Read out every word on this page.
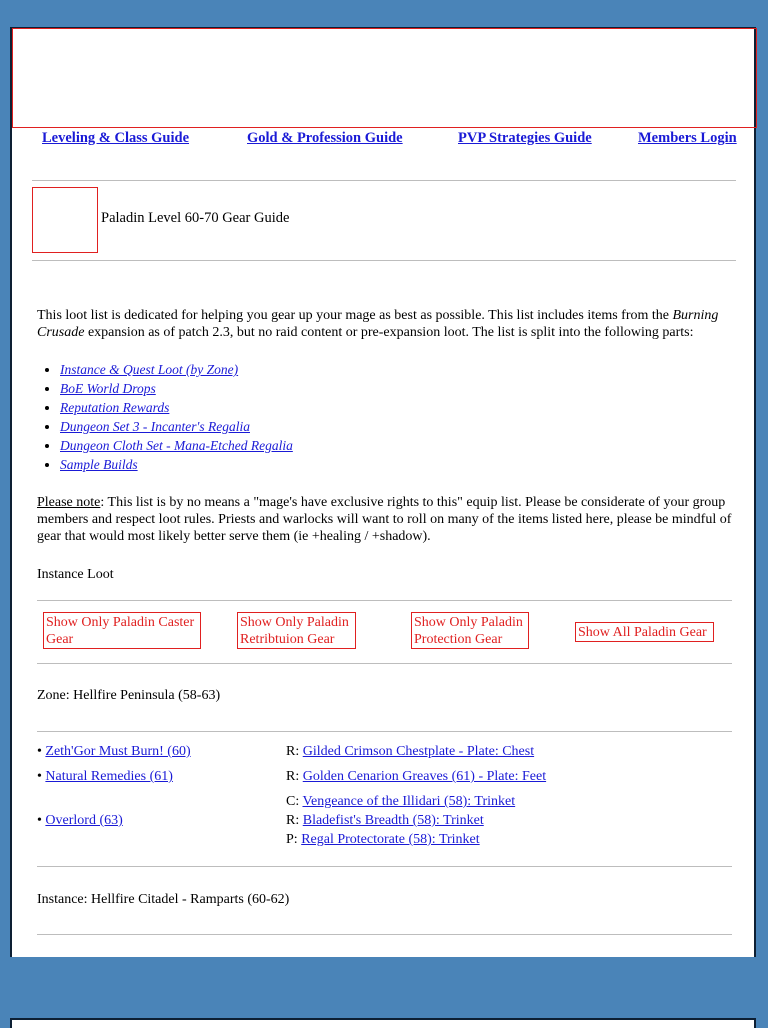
Leveling & Class Guide	Gold & Profession Guide	PVP Strategies Guide	Members Login
Paladin Level 60-70 Gear Guide
This loot list is dedicated for helping you gear up your mage as best as possible. This list includes items from the Burning Crusade expansion as of patch 2.3, but no raid content or pre-expansion loot. The list is split into the following parts:
• Instance & Quest Loot (by Zone)
• BoE World Drops
• Reputation Rewards
• Dungeon Set 3 - Incanter's Regalia
• Dungeon Cloth Set - Mana-Etched Regalia
• Sample Builds
Please note: This list is by no means a "mage's have exclusive rights to this" equip list. Please be considerate of your group members and respect loot rules. Priests and warlocks will want to roll on many of the items listed here, please be mindful of gear that would most likely better serve them (ie +healing / +shadow).
Instance Loot
Show Only Paladin Caster Gear
Show Only Paladin Retribtuion Gear
Show Only Paladin Protection Gear	Show All Paladin Gear
Zone: Hellfire Peninsula (58-63)
• Zeth'Gor Must Burn! (60)	R: Gilded Crimson Chestplate - Plate: Chest
• Natural Remedies (61)	R: Golden Cenarion Greaves (61) - Plate: Feet
• Overlord (63)
C: Vengeance of the Illidari (58): Trinket
R: Bladefist's Breadth (58): Trinket
P: Regal Protectorate (58): Trinket
Instance: Hellfire Citadel - Ramparts (60-62)
